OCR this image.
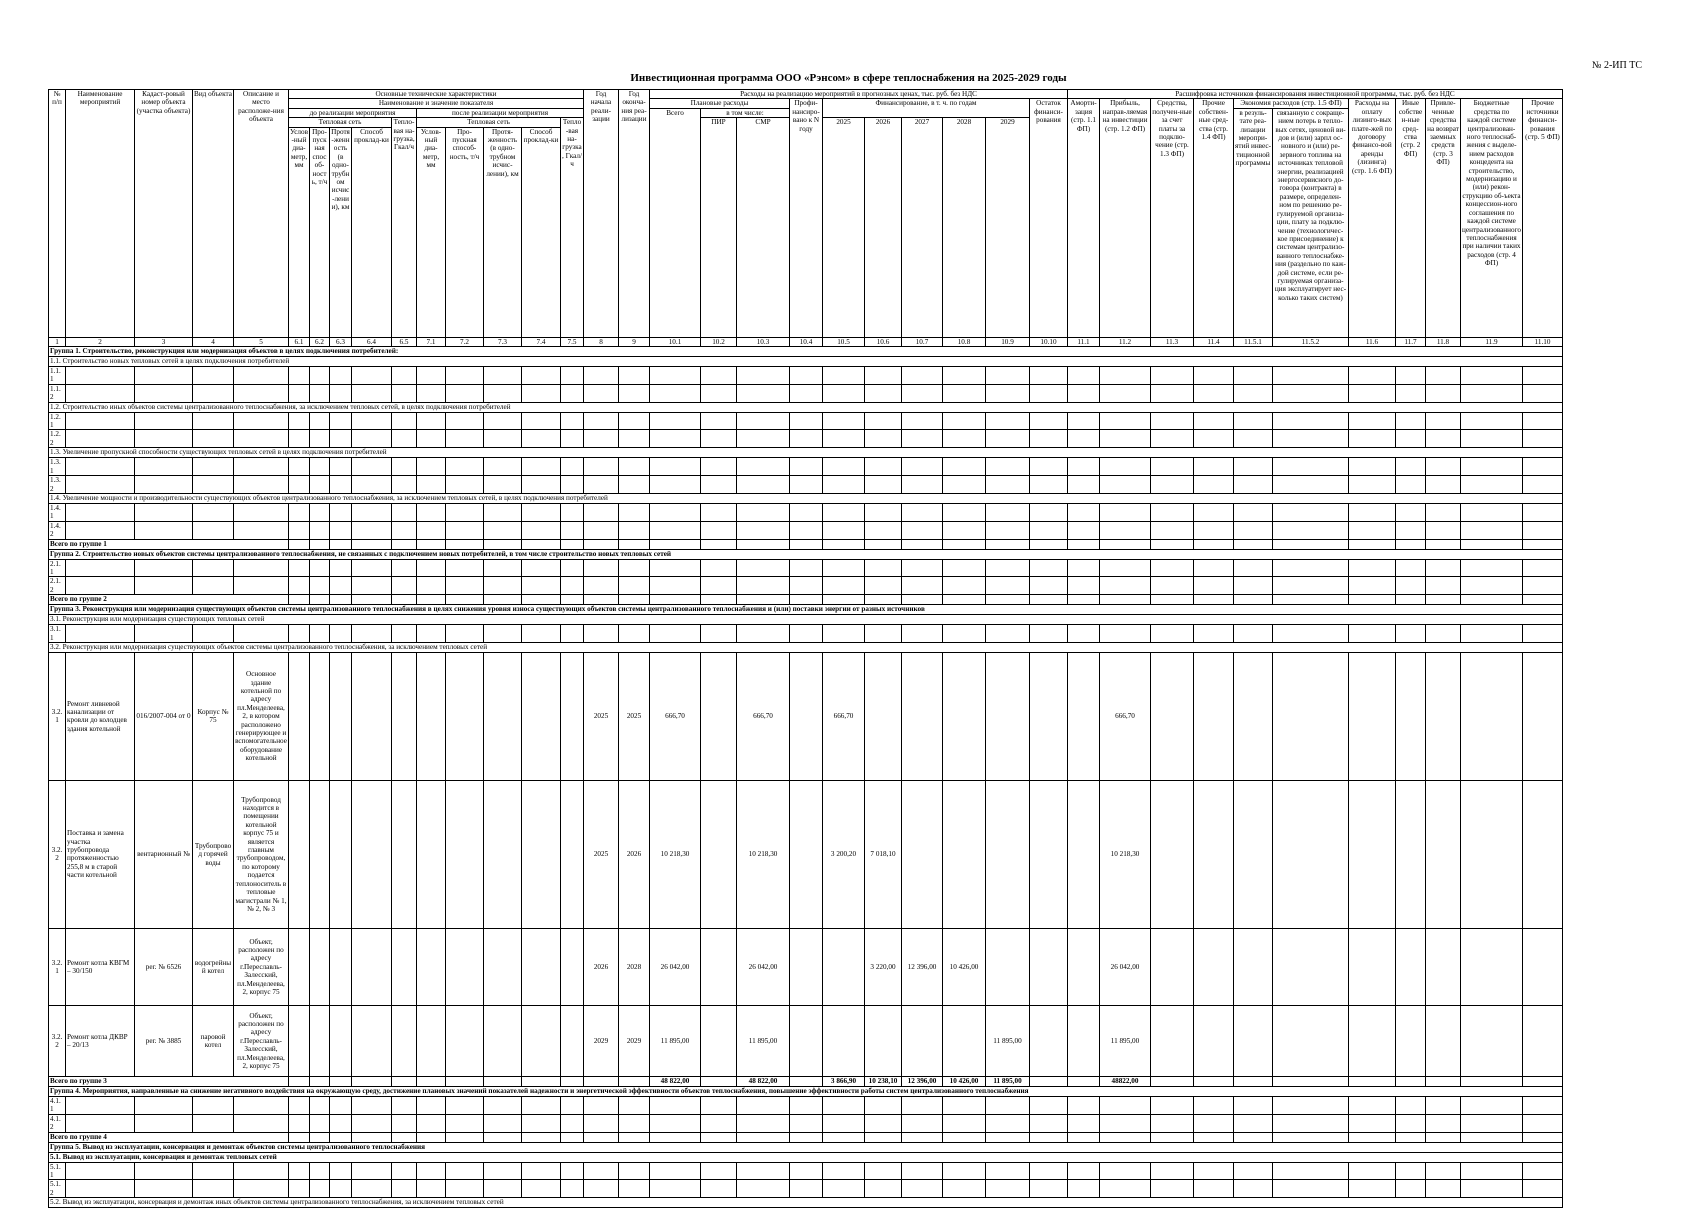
№ 2-ИП ТС
Инвестиционная программа ООО «Рэнсом» в сфере теплоснабжения на 2025-2029 годы
№ п/п	Наименование мероприятий	Кадаст-ровый номер объекта (участка объекта)	Вид объекта	Описание и место расположе-ния объекта	Основные технические характеристики										Год начала реали-зации	Год оконча-ния реа-лизации	Расходы на реализацию мероприятий в прогнозных ценах, тыс. руб. без НДС										Расшифровка источников финансирования инвестиционной программы, тыс. руб. без НДС										
					Наименование и значение показателя												Плановые расходы			Профи-нансиро-вано к N году	Финансирование, в т. ч. по годам					Остаток финанси-рования	Аморти-зация (стр. 1.1 ФП)	Прибыль, направ-ляемая на инвестиции (стр. 1.2 ФП)	Средства, получен-ные за счет платы за подклю-чение (стр. 1.3 ФП)	Прочие собствен-ные сред-ства (стр. 1.4 ФП)	Экономия расходов (стр. 1.5 ФП)		Расходы на оплату лизинго-вых плате-жей по договору финансо-вой аренды (лизинга) (стр. 1.6 ФП)	Иные собствен-ные сред-ства (стр. 2 ФП)	Привле-ченные средства на возврат заемных средств (стр. 3 ФП)	Бюджетные средства по каждой системе централизован-ного теплоснаб-жения с выделе-нием расходов концедента на строительство, модернизацию и (или) рекон-струкцию об-ъекта концессион-ного соглашения по каждой системе централизованного теплоснабжения при наличии таких расходов (стр. 4 ФП)	Прочие источники финанси-рования (стр. 5 ФП)
					до реализации мероприятия					после реализации мероприятия							Всего	в том числе:													в резуль-тате реа-лизации меропри-ятий инвес-тиционной программы	связанную с сокраще-нием потерь в тепло-вых сетях, ценовой ви-дов и (или) зарпл ос-новного и (или) ре-зервного топлива на источниках тепловой энергии, реализацией энергосервисного до-говора (контракта) в размере, определен-ном по решению ре-гулируемой организа-ции, плату за подклю-чение (технологичес-кое присоединение) к системам централизо-ванного теплоснабже-ния (раздельно по каж-дой системе, если ре-гулируемая организа-ция эксплуатирует нес-колько таких систем)					
					Тепловая сеть				Тепло-вая на-грузка, Гкал/ч	Тепловая сеть				Тепло-вая на-грузка, Гкал/ч				ПИР	СМР		2025	2026	2027	2028	2029												
					Услов-ный диа-метр, мм	Про-пускная способ-ность, т/ч	Протя-женность (в одно-трубном исчис-лении), км	Способ проклад-ки		Услов-ный диа-метр, мм	Про-пускная способ-ность, т/ч	Протя-женность (в одно-трубном исчис-лении), км	Способ проклад-ки																								
1	2	3	4	5	6.1	6.2	6.3	6.4	6.5	7.1	7.2	7.3	7.4	7.5	8	9	10.1	10.2	10.3	10.4	10.5	10.6	10.7	10.8	10.9	10.10	11.1	11.2	11.3	11.4	11.5.1	11.5.2	11.6	11.7	11.8	11.9	11.10
Группа 1. Строительство, реконструкция или модернизация объектов в целях подключения потребителей:																																					
1.1. Строительство новых тепловых сетей в целях подключения потребителей																																					
1.1.1																																					
1.1.2																																					
1.2. Строительство иных объектов системы централизованного теплоснабжения, за исключением тепловых сетей, в целях подключения потребителей																																					
1.2.1																																					
1.2.2																																					
1.3. Увеличение пропускной способности существующих тепловых сетей в целях подключения потребителей																																					
1.3.1																																					
1.3.2																																					
1.4. Увеличение мощности и производительности существующих объектов централизованного теплоснабжения, за исключением тепловых сетей, в целях подключения потребителей																																					
1.4.1																																					
1.4.2																																					
Всего по группе 1																																					
Группа 2. Строительство новых объектов системы централизованного теплоснабжения, не связанных с подключением новых потребителей, в том числе строительство новых тепловых сетей																																					
2.1.1																																					
2.1.2																																					
Всего по группе 2																																					
Группа 3. Реконструкция или модернизация существующих объектов системы централизованного теплоснабжения в целях снижения уровня износа существующих объектов системы централизованного теплоснабжения и (или) поставки энергии от разных источников																																					
3.1. Реконструкция или модернизация существующих тепловых сетей																																					
3.1.1																																					
3.2. Реконструкция или модернизация существующих объектов системы централизованного теплоснабжения, за исключением тепловых сетей																																					
3.2.1	Ремонт ливневой канализации от кровли до колодцев здания котельной	016/2007-004 от 0	Корпус № 75	Основное здание котельной по адресу пл.Менделеева, 2, в котором расположено генерирующее и вспомогательное оборудование котельной											2025	2025	666,70		666,70		666,70							666,70									
3.2.2	Поставка и замена участка трубопровода протяженностью 255,8 м в старой части котельной	вентарионный №	Трубопровод горячей воды	Трубопровод находится в помещении котельной корпус 75 и является главным трубопроводом, по которому подается теплоноситель в тепловые магистрали № 1, № 2, № 3											2025	2026	10 218,30		10 218,30		3 200,20	7 018,10						10 218,30									
3.2.1	Ремонт котла КВГМ – 30/150	рег. № 6526	водогрейный котел	Объект, расположен по адресу г.Переславль-Залесский, пл.Менделеева, 2, корпус 75											2026	2028	26 042,00		26 042,00			3 220,00	12 396,00	10 426,00				26 042,00									
3.2.2	Ремонт котла ДКВР – 20/13	рег. № 3885	паровой котел	Объект, расположен по адресу г.Переславль-Залесский, пл.Менделеева, 2, корпус 75											2029	2029	11 895,00		11 895,00						11 895,00			11 895,00									
Всего по группе 3																	48 822,00		48 822,00		3 866,90	10 238,10	12 396,00	10 426,00	11 895,00			48822,00									
Группа 4. Мероприятия, направленные на снижение негативного воздействия на окружающую среду, достижение плановых значений показателей надежности и энергетической эффективности объектов теплоснабжения, повышение эффективности работы систем централизованного теплоснабжения																																					
4.1.1																																					
4.1.2																																					
Всего по группе 4																																					
Группа 5. Вывод из эксплуатации, консервация и демонтаж объектов системы централизованного теплоснабжения																																					
5.1. Вывод из эксплуатации, консервация и демонтаж тепловых сетей																																					
5.1.1																																					
5.1.2																																					
5.2. Вывод из эксплуатации, консервация и демонтаж иных объектов системы централизованного теплоснабжения, за исключением тепловых сетей																																					
